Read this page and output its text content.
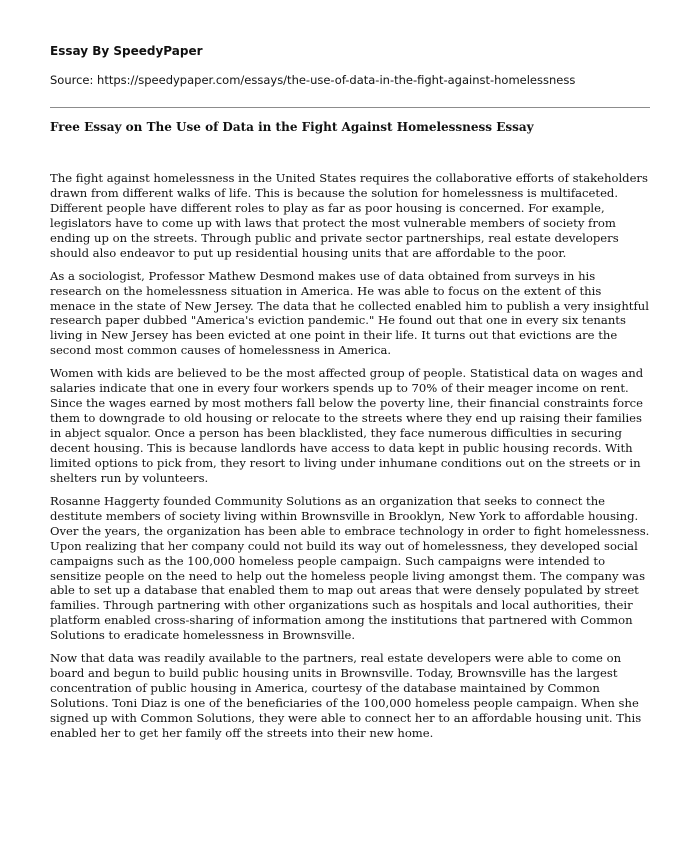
Essay By SpeedyPaper
Source: https://speedypaper.com/essays/the-use-of-data-in-the-fight-against-homelessness
Free Essay on The Use of Data in the Fight Against Homelessness Essay

The fight against homelessness in the United States requires the collaborative efforts of stakeholders drawn from different walks of life. This is because the solution for homelessness is multifaceted. Different people have different roles to play as far as poor housing is concerned. For example, legislators have to come up with laws that protect the most vulnerable members of society from ending up on the streets. Through public and private sector partnerships, real estate developers should also endeavor to put up residential housing units that are affordable to the poor.

As a sociologist, Professor Mathew Desmond makes use of data obtained from surveys in his research on the homelessness situation in America. He was able to focus on the extent of this menace in the state of New Jersey. The data that he collected enabled him to publish a very insightful research paper dubbed "America's eviction pandemic." He found out that one in every six tenants living in New Jersey has been evicted at one point in their life. It turns out that evictions are the second most common causes of homelessness in America.

Women with kids are believed to be the most affected group of people. Statistical data on wages and salaries indicate that one in every four workers spends up to 70% of their meager income on rent. Since the wages earned by most mothers fall below the poverty line, their financial constraints force them to downgrade to old housing or relocate to the streets where they end up raising their families in abject squalor. Once a person has been blacklisted, they face numerous difficulties in securing decent housing. This is because landlords have access to data kept in public housing records. With limited options to pick from, they resort to living under inhumane conditions out on the streets or in shelters run by volunteers.

Rosanne Haggerty founded Community Solutions as an organization that seeks to connect the destitute members of society living within Brownsville in Brooklyn, New York to affordable housing. Over the years, the organization has been able to embrace technology in order to fight homelessness. Upon realizing that her company could not build its way out of homelessness, they developed social campaigns such as the 100,000 homeless people campaign. Such campaigns were intended to sensitize people on the need to help out the homeless people living amongst them. The company was able to set up a database that enabled them to map out areas that were densely populated by street families. Through partnering with other organizations such as hospitals and local authorities, their platform enabled cross-sharing of information among the institutions that partnered with Common Solutions to eradicate homelessness in Brownsville.

Now that data was readily available to the partners, real estate developers were able to come on board and begun to build public housing units in Brownsville. Today, Brownsville has the largest concentration of public housing in America, courtesy of the database maintained by Common Solutions. Toni Diaz is one of the beneficiaries of the 100,000 homeless people campaign. When she signed up with Common Solutions, they were able to connect her to an affordable housing unit. This enabled her to get her family off the streets into their new home.
